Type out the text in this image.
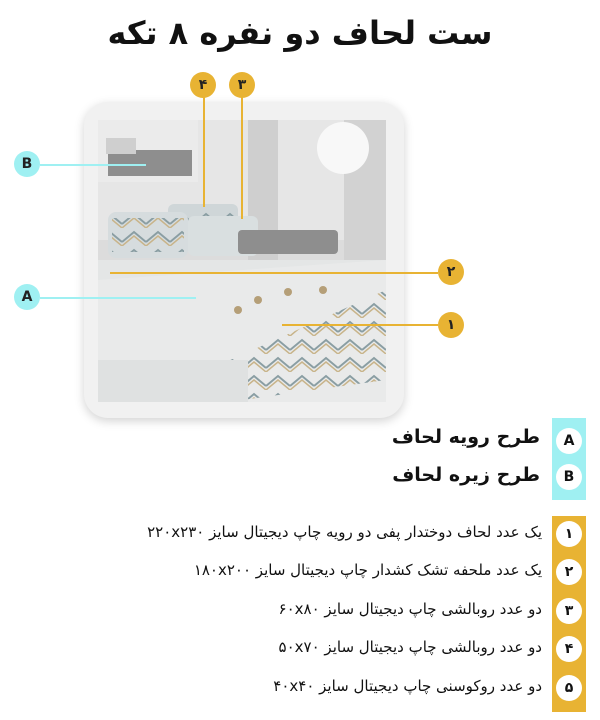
ست لحاف دو نفره ۸ تکه
۴	۳
B
A
۲
۱
A
B
طرح رویه لحاف
طرح زیره لحاف
۱
یک عدد لحاف دوختدار پفی دو رویه چاپ دیجیتال سایز ۲۲۰x۲۳۰
۲
یک عدد ملحفه تشک کشدار چاپ دیجیتال سایز ۱۸۰x۲۰۰
۳
دو عدد روبالشی چاپ دیجیتال سایز ۶۰x۸۰
۴
دو عدد روبالشی چاپ دیجیتال سایز ۵۰x۷۰
۵
دو عدد روکوسنی چاپ دیجیتال سایز ۴۰x۴۰
